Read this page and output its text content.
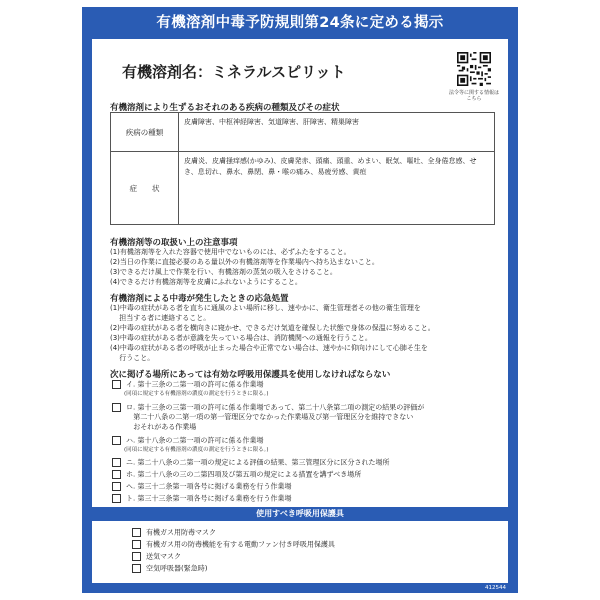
有機溶剤中毒予防規則第24条に定める掲示
有機溶剤名：ミネラルスピリット
法令等に関する情報はこちら
有機溶剤により生ずるおそれのある疾病の種類及びその症状
疾病の種類
皮膚障害、中枢神経障害、気道障害、肝障害、精巣障害
症　　状
皮膚炎、皮膚掻痒感(かゆみ)、皮膚発赤、頭痛、頭重、めまい、眠気、嘔吐、全身倦怠感、せき、息切れ、鼻水、鼻閉、鼻・喉の痛み、易疲労感、黄疸
有機溶剤等の取扱い上の注意事項
(1)有機溶剤等を入れた容器で使用中でないものには、必ずふたをすること。
(2)当日の作業に直接必要のある量以外の有機溶剤等を作業場内へ持ち込まないこと。
(3)できるだけ風上で作業を行い、有機溶剤の蒸気の吸入をさけること。
(4)できるだけ有機溶剤等を皮膚にふれないようにすること。
有機溶剤による中毒が発生したときの応急処置
(1)中毒の症状がある者を直ちに通風のよい場所に移し、速やかに、衛生管理者その他の衛生管理を
　 担当する者に連絡すること。
(2)中毒の症状がある者を横向きに寝かせ、できるだけ気道を確保した状態で身体の保温に努めること。
(3)中毒の症状がある者が意識を失っている場合は、消防機関への通報を行うこと。
(4)中毒の症状がある者の呼吸が止まった場合や正常でない場合は、速やかに仰向けにして心肺そ生を
　 行うこと。
次に掲げる場所にあっては有効な呼吸用保護具を使用しなければならない
イ. 第十三条の二第一項の許可に係る作業場
(同項に規定する有機溶剤の濃度の測定を行うときに限る。)
ロ. 第十三条の三第一項の許可に係る作業場であって、第二十八条第二項の測定の結果の評価が
　 第二十八条の二第一項の第一管理区分でなかった作業場及び第一管理区分を維持できない
　 おそれがある作業場
ハ. 第十八条の二第一項の許可に係る作業場
(同項に規定する有機溶剤の濃度の測定を行うときに限る。)
ニ. 第二十八条の二第一項の規定による評価の結果、第三管理区分に区分された場所
ホ. 第二十八条の三の二第四項及び第五項の規定による措置を講ずべき場所
ヘ. 第三十二条第一項各号に掲げる業務を行う作業場
ト. 第三十三条第一項各号に掲げる業務を行う作業場
使用すべき呼吸用保護具
有機ガス用防毒マスク
有機ガス用の防毒機能を有する電動ファン付き呼吸用保護具
送気マスク
空気呼吸器(緊急時)
412544
